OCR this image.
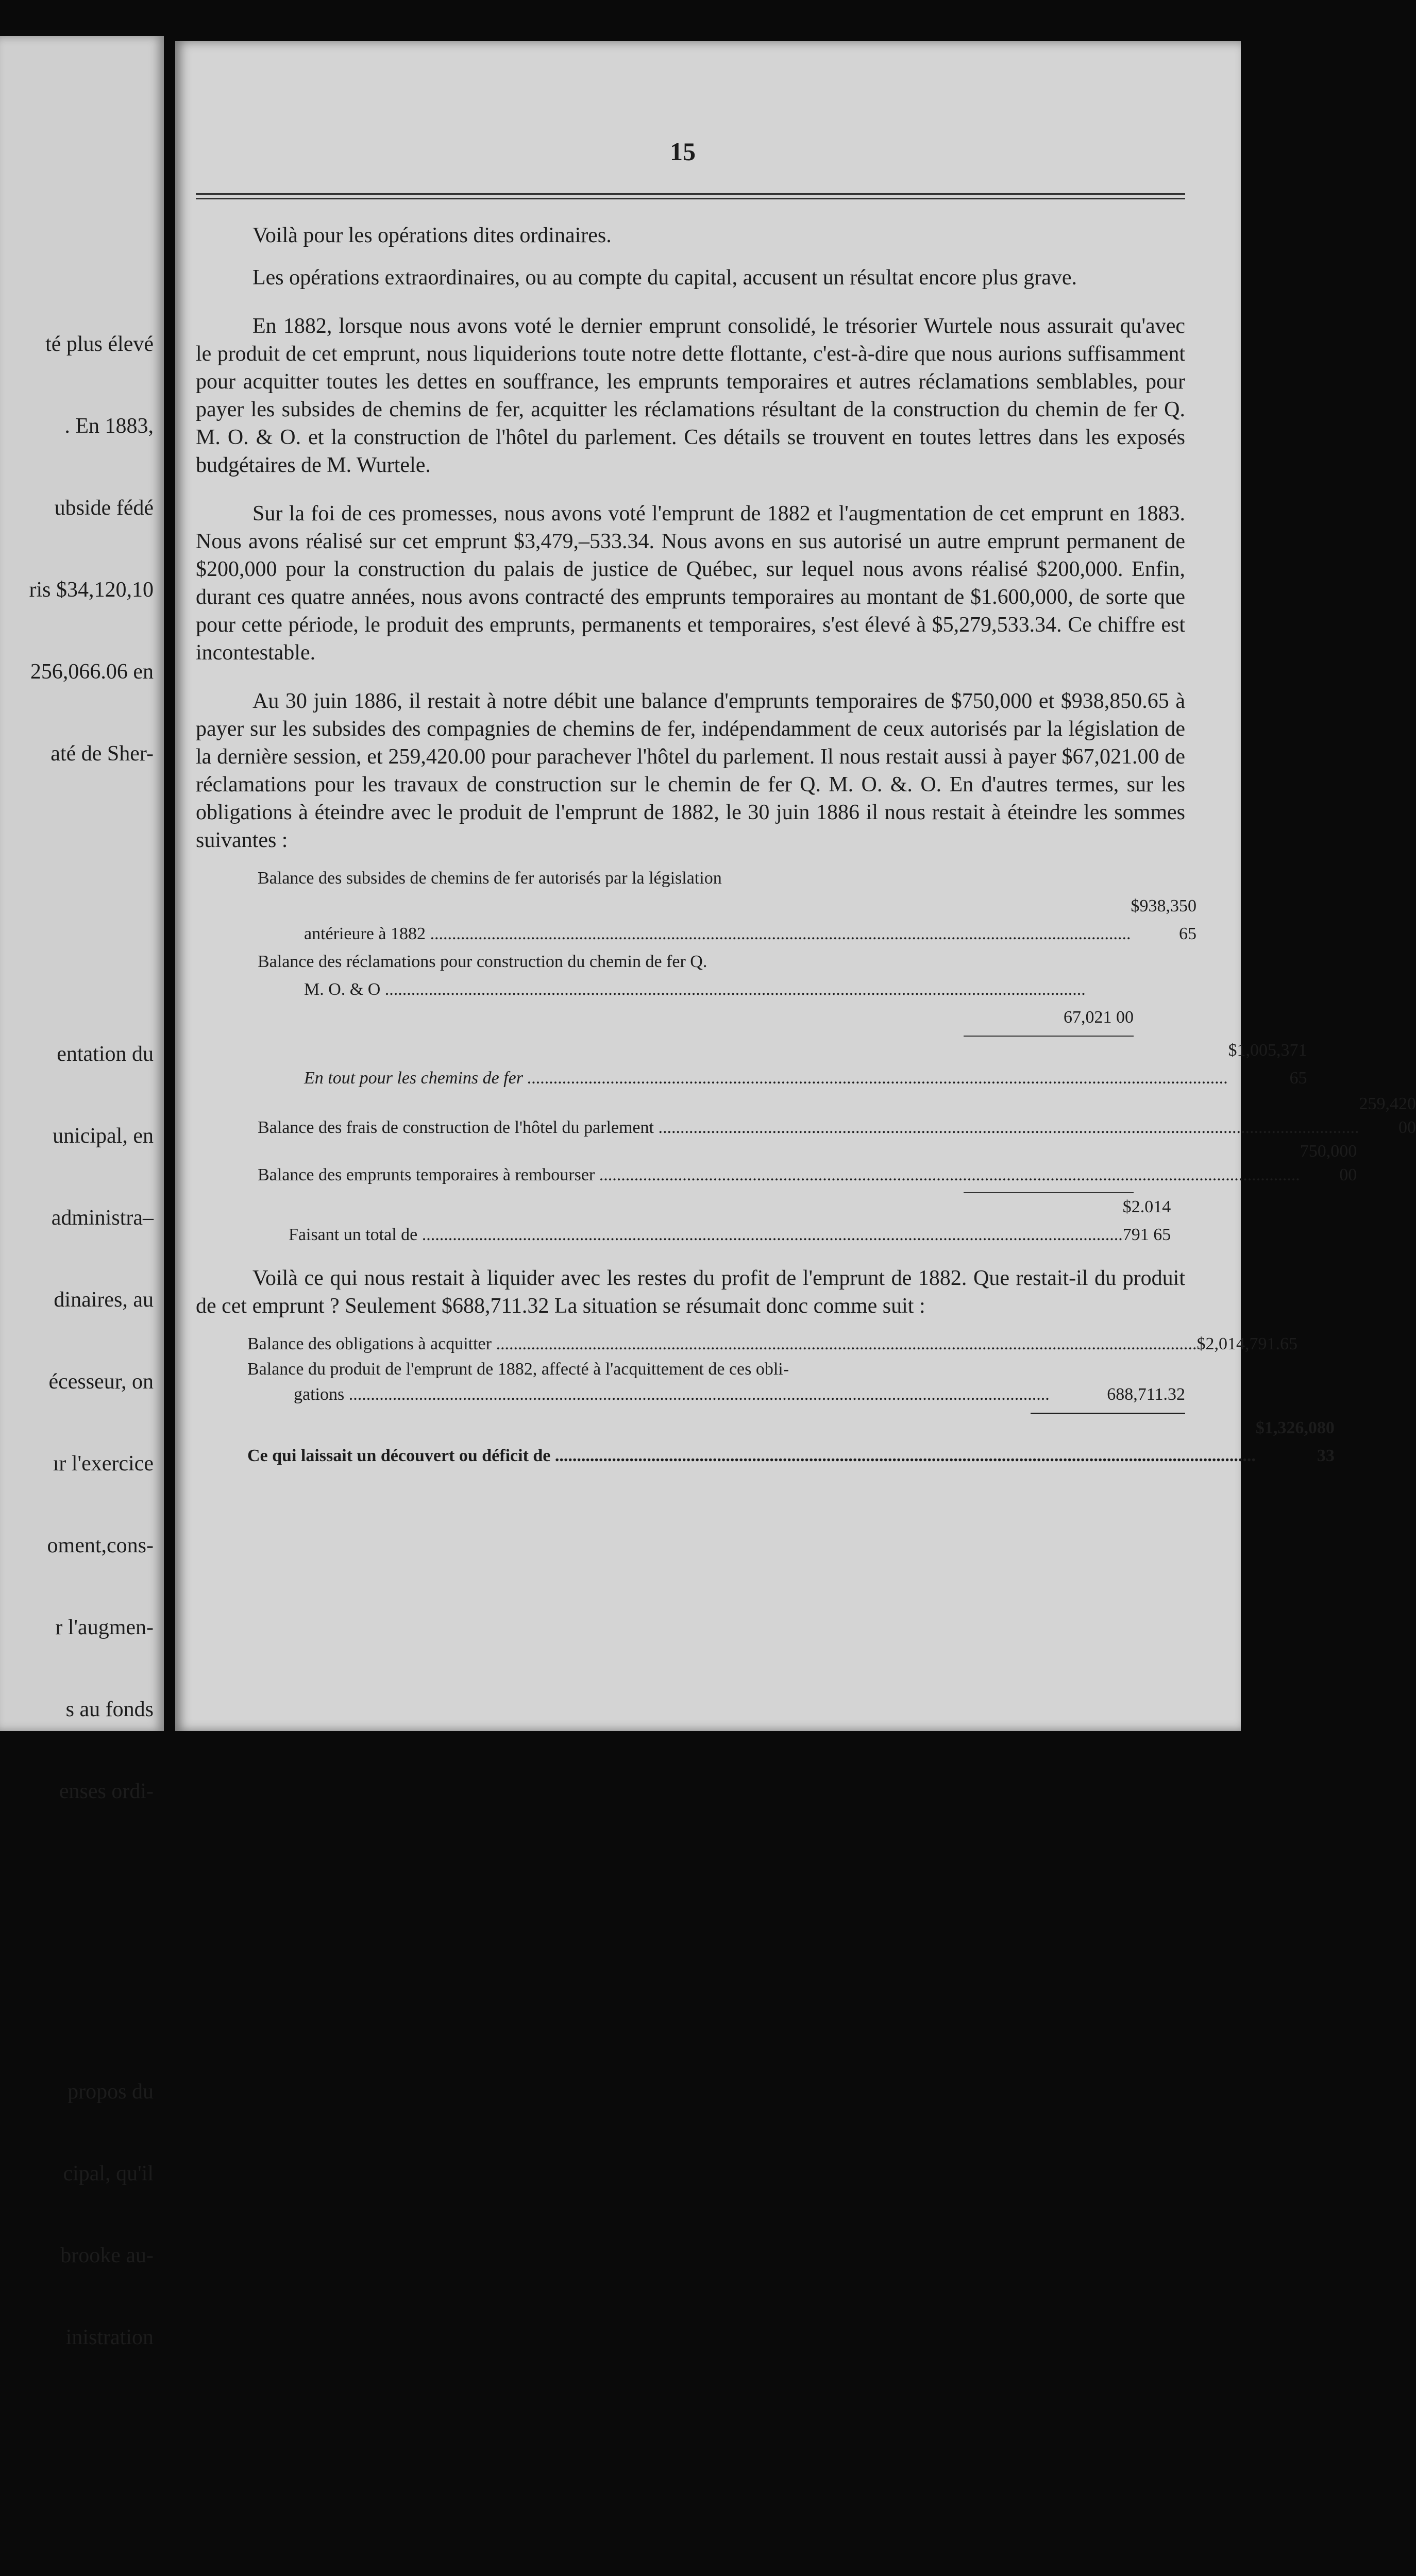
té plus élevé

. En 1883,

ubside fédé

ris $34,120,10

256,066.06 en

até de Sher-

entation du

unicipal, en

administra–

dinaires, au

écesseur, on

ır l'exercice

oment,cons-

r l'augmen-

s au fonds

enses ordi-

propos du

cipal, qu'il

brooke au-

inistration

15

Voilà pour les opérations dites ordinaires.

Les opérations extraordinaires, ou au compte du capital, accusent un résultat encore plus grave.

En 1882, lorsque nous avons voté le dernier emprunt consolidé, le trésorier Wurtele nous assurait qu'avec le produit de cet emprunt, nous liquiderions toute notre dette flottante, c'est-à-dire que nous aurions suffisamment pour acquitter toutes les dettes en souffrance, les emprunts temporaires et autres réclamations semblables, pour payer les subsides de chemins de fer, acquitter les réclamations résultant de la construction du chemin de fer Q. M. O. & O. et la construction de l'hôtel du parlement. Ces détails se trouvent en toutes lettres dans les exposés budgétaires de M. Wurtele.

Sur la foi de ces promesses, nous avons voté l'emprunt de 1882 et l'augmentation de cet emprunt en 1883. Nous avons réalisé sur cet emprunt $3,479,–533.34. Nous avons en sus autorisé un autre emprunt permanent de $200,000 pour la construction du palais de justice de Québec, sur lequel nous avons réalisé $200,000. Enfin, durant ces quatre années, nous avons contracté des emprunts temporaires au montant de $1.600,000, de sorte que pour cette période, le produit des emprunts, permanents et temporaires, s'est élevé à $5,279,533.34. Ce chiffre est incontestable.

Au 30 juin 1886, il restait à notre débit une balance d'emprunts temporaires de $750,000 et $938,850.65 à payer sur les subsides des compagnies de chemins de fer, indépendamment de ceux autorisés par la législation de la dernière session, et 259,420.00 pour parachever l'hôtel du parlement. Il nous restait aussi à payer $67,021.00 de réclamations pour les travaux de construction sur le chemin de fer Q. M. O. &. O. En d'autres termes, sur les obligations à éteindre avec le produit de l'emprunt de 1882, le 30 juin 1886 il nous restait à éteindre les sommes suivantes :

Balance des subsides de chemins de fer autorisés par la législation
antérieure à 1882 .....
$938,350 65
Balance des réclamations pour construction du chemin de fer Q.
M. O. & O .....
67,021 00
En tout pour les chemins de fer .....
$1,005,371 65
Balance des frais de construction de l'hôtel du parlement .....
259,420 00
Balance des emprunts temporaires à rembourser .....
750,000 00
Faisant un total de .....
$2.014 791 65

Voilà ce qui nous restait à liquider avec les restes du profit de l'emprunt de 1882. Que restait-il du produit de cet emprunt ? Seulement $688,711.32 La situation se résumait donc comme suit :

Balance des obligations à acquitter .....	$2,014,791.65
Balance du produit de l'emprunt de 1882, affecté à l'acquittement de ces obli-
gations .....	688,711.32
Ce qui laissait un découvert ou déficit de .....
$1,326,080 33
